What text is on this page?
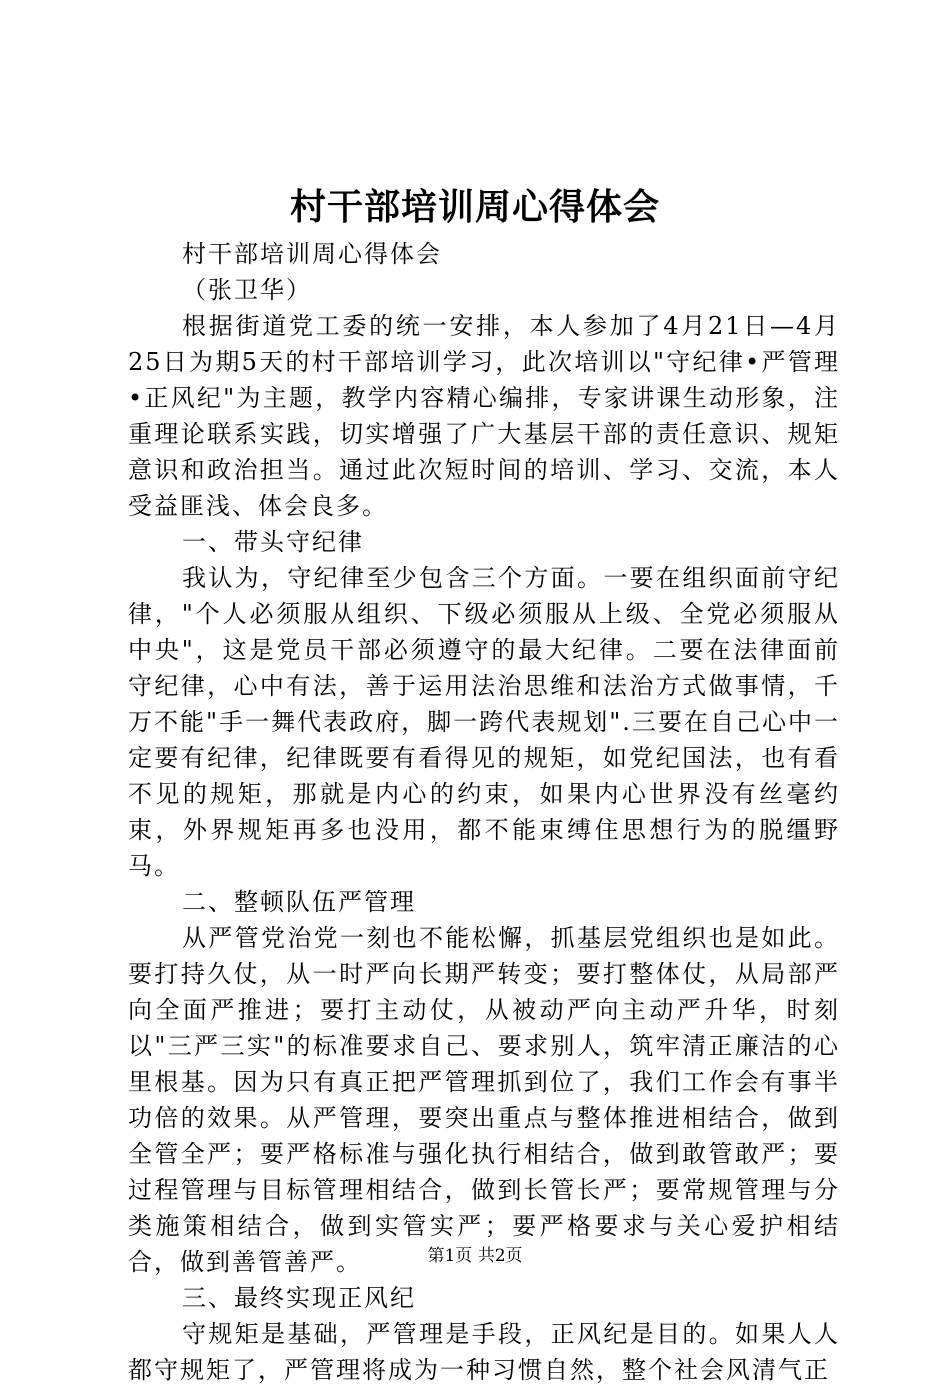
村干部培训周心得体会

村干部培训周心得体会

（张卫华）

根据街道党工委的统一安排，本人参加了4月21日—4月25日为期5天的村干部培训学习，此次培训以"守纪律•严管理•正风纪"为主题，教学内容精心编排，专家讲课生动形象，注重理论联系实践，切实增强了广大基层干部的责任意识、规矩意识和政治担当。通过此次短时间的培训、学习、交流，本人受益匪浅、体会良多。

一、带头守纪律

我认为，守纪律至少包含三个方面。一要在组织面前守纪律，"个人必须服从组织、下级必须服从上级、全党必须服从中央"，这是党员干部必须遵守的最大纪律。二要在法律面前守纪律，心中有法，善于运用法治思维和法治方式做事情，千万不能"手一舞代表政府，脚一跨代表规划".三要在自己心中一定要有纪律，纪律既要有看得见的规矩，如党纪国法，也有看不见的规矩，那就是内心的约束，如果内心世界没有丝毫约束，外界规矩再多也没用，都不能束缚住思想行为的脱缰野马。

二、整顿队伍严管理

从严管党治党一刻也不能松懈，抓基层党组织也是如此。要打持久仗，从一时严向长期严转变；要打整体仗，从局部严向全面严推进；要打主动仗，从被动严向主动严升华，时刻以"三严三实"的标准要求自己、要求别人，筑牢清正廉洁的心里根基。因为只有真正把严管理抓到位了，我们工作会有事半功倍的效果。从严管理，要突出重点与整体推进相结合，做到全管全严；要严格标准与强化执行相结合，做到敢管敢严；要过程管理与目标管理相结合，做到长管长严；要常规管理与分类施策相结合，做到实管实严；要严格要求与关心爱护相结合，做到善管善严。

三、最终实现正风纪

守规矩是基础，严管理是手段，正风纪是目的。如果人人都守规矩了，严管理将成为一种习惯自然，整个社会风清气正

第1页 共2页
